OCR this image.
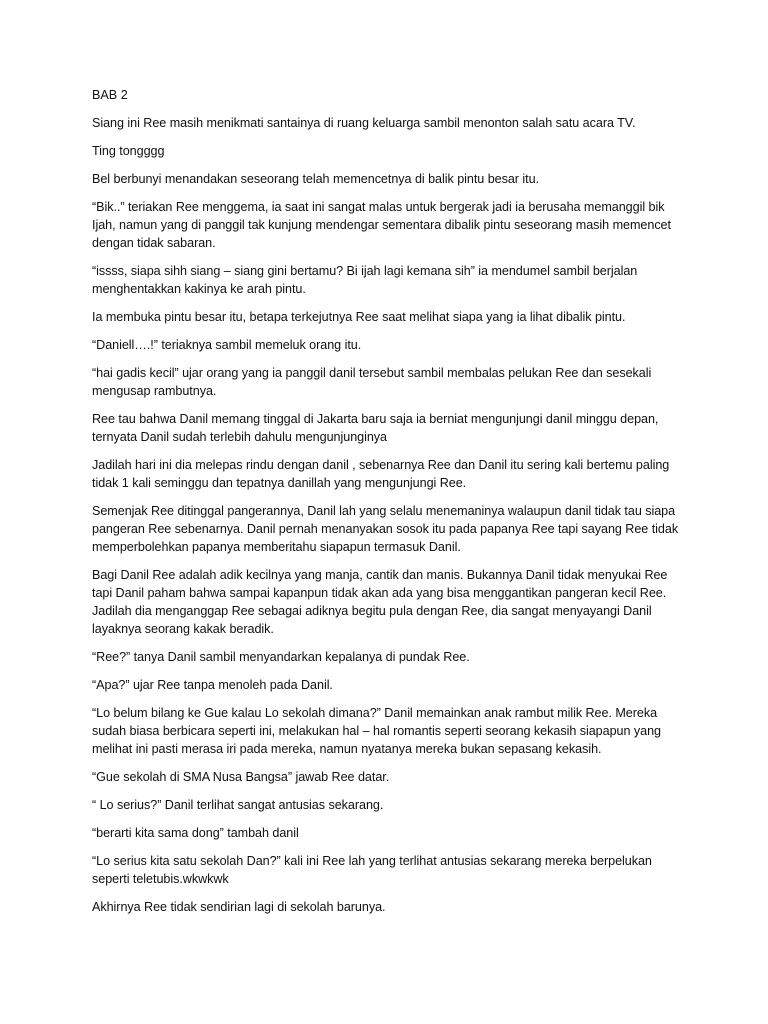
BAB 2

Siang ini Ree masih menikmati santainya di ruang keluarga sambil menonton salah satu acara TV.

Ting tongggg

Bel berbunyi menandakan seseorang telah memencetnya di balik pintu besar itu.

“Bik..” teriakan Ree menggema, ia saat ini sangat malas untuk bergerak jadi ia berusaha memanggil bik Ijah, namun yang di panggil tak kunjung mendengar sementara dibalik pintu seseorang masih memencet dengan tidak sabaran.

“issss, siapa sihh siang – siang gini bertamu? Bi ijah lagi kemana sih” ia mendumel sambil berjalan menghentakkan kakinya ke arah pintu.

Ia membuka pintu besar itu, betapa terkejutnya Ree saat melihat siapa yang ia lihat dibalik pintu.

“Daniell….!” teriaknya sambil memeluk orang itu.

“hai gadis kecil” ujar orang yang ia panggil danil tersebut sambil membalas pelukan Ree dan sesekali mengusap rambutnya.

Ree tau bahwa Danil memang tinggal di Jakarta baru saja ia berniat mengunjungi danil minggu depan, ternyata Danil sudah terlebih dahulu mengunjunginya

Jadilah hari ini dia melepas rindu dengan danil , sebenarnya Ree dan Danil itu sering kali bertemu paling tidak 1 kali seminggu dan tepatnya danillah yang mengunjungi Ree.

Semenjak Ree ditinggal pangerannya, Danil lah yang selalu menemaninya walaupun danil tidak tau siapa pangeran Ree sebenarnya. Danil pernah menanyakan sosok itu pada papanya Ree tapi sayang Ree tidak memperbolehkan papanya memberitahu siapapun termasuk Danil.

Bagi Danil Ree adalah adik kecilnya yang manja, cantik dan manis. Bukannya Danil tidak menyukai Ree tapi Danil paham bahwa sampai kapanpun tidak akan ada yang bisa menggantikan pangeran kecil Ree. Jadilah dia menganggap Ree sebagai adiknya begitu pula dengan Ree, dia sangat menyayangi Danil layaknya seorang kakak beradik.

“Ree?” tanya Danil sambil menyandarkan kepalanya di pundak Ree.

“Apa?” ujar Ree tanpa menoleh pada Danil.

“Lo belum bilang ke Gue kalau Lo sekolah dimana?” Danil memainkan anak rambut milik Ree. Mereka sudah biasa berbicara seperti ini, melakukan hal – hal romantis seperti seorang kekasih siapapun yang melihat ini pasti merasa iri pada mereka, namun nyatanya mereka bukan sepasang kekasih.

“Gue sekolah di SMA Nusa Bangsa” jawab Ree datar.

“ Lo serius?” Danil terlihat sangat antusias sekarang.

“berarti kita sama dong” tambah danil

“Lo serius kita satu sekolah Dan?” kali ini Ree lah yang terlihat antusias sekarang mereka berpelukan seperti teletubis.wkwkwk

Akhirnya Ree tidak sendirian lagi di sekolah barunya.
